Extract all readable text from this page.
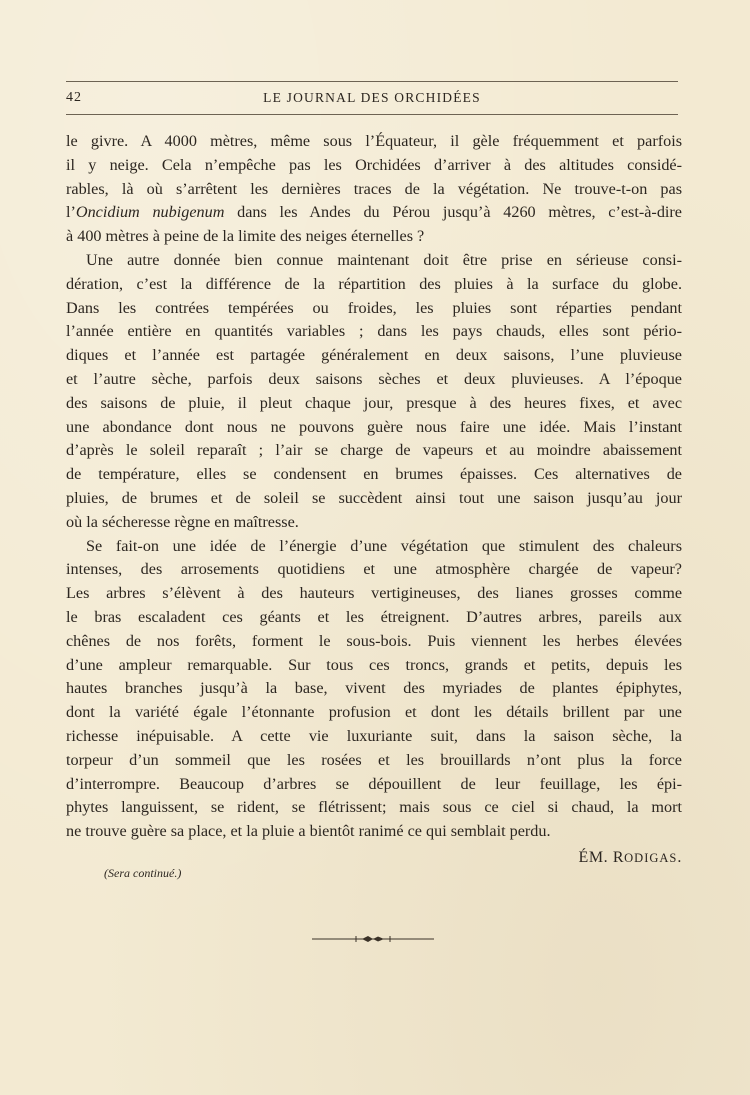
42	LE JOURNAL DES ORCHIDÉES
le givre. A 4000 mètres, même sous l’Équateur, il gèle fréquemment et parfois
il y neige. Cela n’empêche pas les Orchidées d’arriver à des altitudes considé-
rables, là où s’arrêtent les dernières traces de la végétation. Ne trouve-t-on pas
l’Oncidium nubigenum dans les Andes du Pérou jusqu’à 4260 mètres, c’est-à-dire
à 400 mètres à peine de la limite des neiges éternelles ?
Une autre donnée bien connue maintenant doit être prise en sérieuse consi-
dération, c’est la différence de la répartition des pluies à la surface du globe.
Dans les contrées tempérées ou froides, les pluies sont réparties pendant
l’année entière en quantités variables ; dans les pays chauds, elles sont pério-
diques et l’année est partagée généralement en deux saisons, l’une pluvieuse
et l’autre sèche, parfois deux saisons sèches et deux pluvieuses. A l’époque
des saisons de pluie, il pleut chaque jour, presque à des heures fixes, et avec
une abondance dont nous ne pouvons guère nous faire une idée. Mais l’instant
d’après le soleil reparaît ; l’air se charge de vapeurs et au moindre abaissement
de température, elles se condensent en brumes épaisses. Ces alternatives de
pluies, de brumes et de soleil se succèdent ainsi tout une saison jusqu’au jour
où la sécheresse règne en maîtresse.
Se fait-on une idée de l’énergie d’une végétation que stimulent des chaleurs
intenses, des arrosements quotidiens et une atmosphère chargée de vapeur?
Les arbres s’élèvent à des hauteurs vertigineuses, des lianes grosses comme
le bras escaladent ces géants et les étreignent. D’autres arbres, pareils aux
chênes de nos forêts, forment le sous-bois. Puis viennent les herbes élevées
d’une ampleur remarquable. Sur tous ces troncs, grands et petits, depuis les
hautes branches jusqu’à la base, vivent des myriades de plantes épiphytes,
dont la variété égale l’étonnante profusion et dont les détails brillent par une
richesse inépuisable. A cette vie luxuriante suit, dans la saison sèche, la
torpeur d’un sommeil que les rosées et les brouillards n’ont plus la force
d’interrompre. Beaucoup d’arbres se dépouillent de leur feuillage, les épi-
phytes languissent, se rident, se flétrissent; mais sous ce ciel si chaud, la mort
ne trouve guère sa place, et la pluie a bientôt ranimé ce qui semblait perdu.
ÉM. RODIGAS.
(Sera continué.)
